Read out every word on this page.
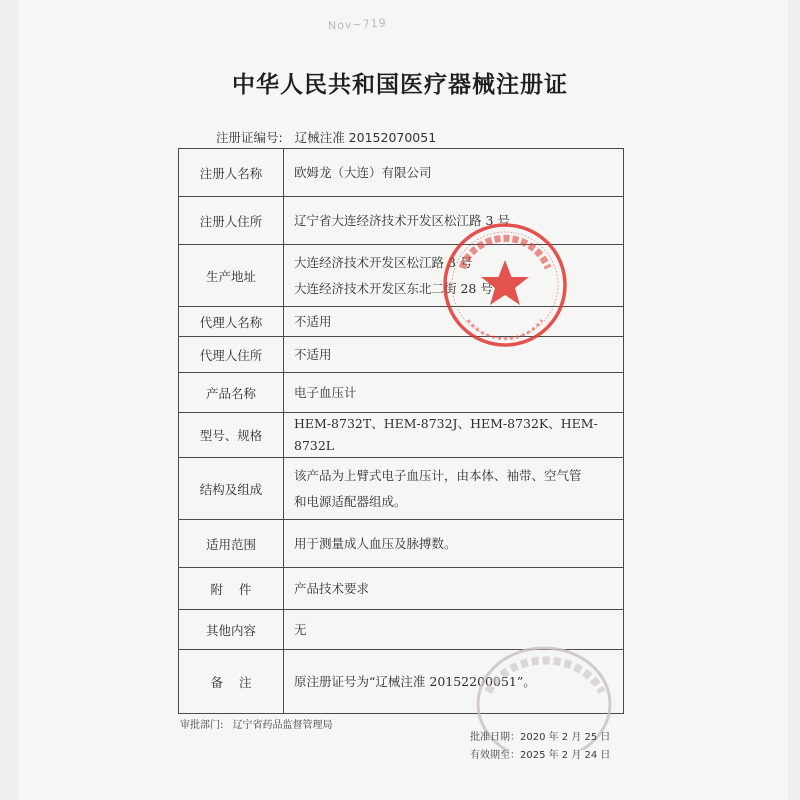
Nov~719
中华人民共和国医疗器械注册证
注册证编号: 辽械注准 20152070051
注册人名称	欧姆龙（大连）有限公司
注册人住所	辽宁省大连经济技术开发区松江路 3 号
生产地址	大连经济技术开发区松江路 3 号
大连经济技术开发区东北二街 28 号

代理人名称	不适用
代理人住所	不适用
产品名称	电子血压计
型号、规格	HEM-8732T、HEM-8732J、HEM-8732K、HEM-8732L
结构及组成	该产品为上臂式电子血压计，由本体、袖带、空气管
和电源适配器组成。

适用范围	用于测量成人血压及脉搏数。
附    件	产品技术要求
其他内容	无
备    注	原注册证号为“辽械注准 20152200051”。
审批部门: 辽宁省药品监督管理局
批准日期：2020 年 2 月 25 日
有效期至：2025 年 2 月 24 日
